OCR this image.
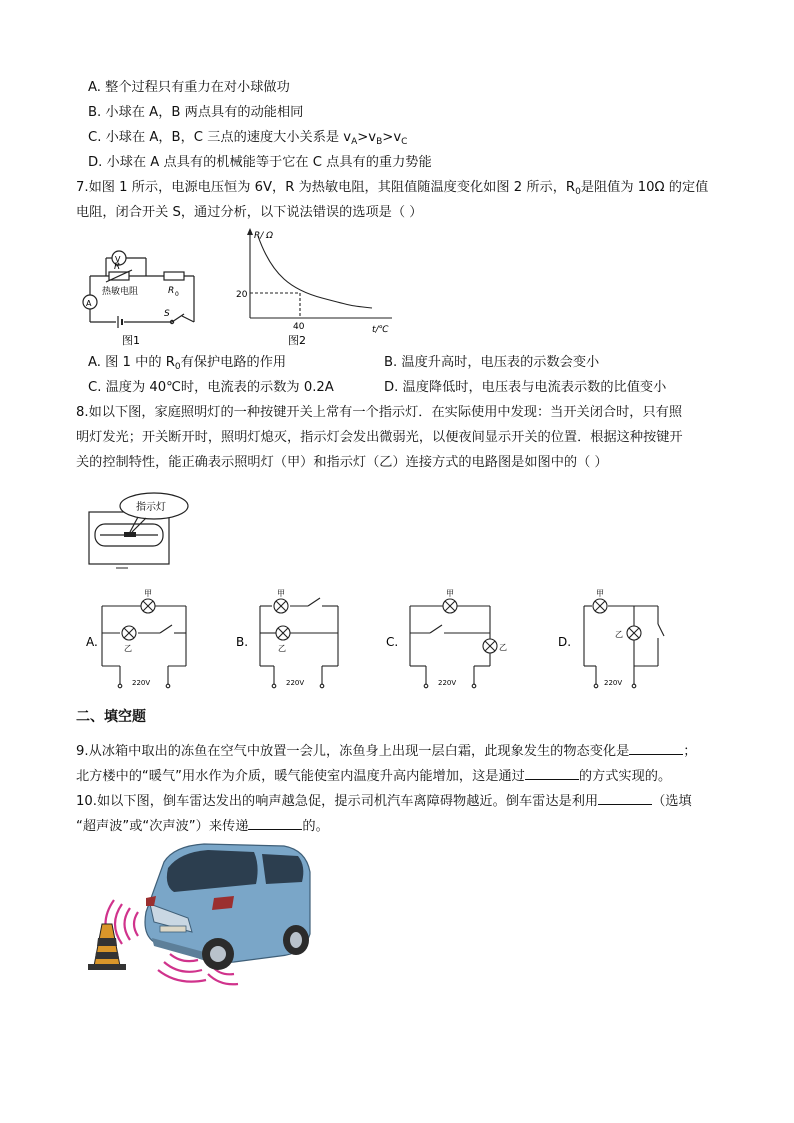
A. 整个过程只有重力在对小球做功
B. 小球在 A，B 两点具有的动能相同
C. 小球在 A，B，C 三点的速度大小关系是 $v_A>v_B>v_C$
D. 小球在 A 点具有的机械能等于它在 C 点具有的重力势能
7.如图 1 所示，电源电压恒为 6V，R 为热敏电阻，其阻值随温度变化如图 2 所示，$R_0$是阻值为 10Ω 的定值
电阻，闭合开关 S，通过分析，以下说法错误的选项是（ ）
V
A
R
热敏电阻	R 0
S
图1
R/ Ω
t/℃
20
40
图2
A. 图 1 中的 $R_0$有保护电路的作用	B. 温度升高时，电压表的示数会变小
C. 温度为 40℃时，电流表的示数为 0.2A	D. 温度降低时，电压表与电流表示数的比值变小
8.如以下图，家庭照明灯的一种按键开关上常有一个指示灯．在实际使用中发现：当开关闭合时，只有照
明灯发光；开关断开时，照明灯熄灭，指示灯会发出微弱光，以便夜间显示开关的位置．根据这种按键开
关的控制特性，能正确表示照明灯（甲）和指示灯（乙）连接方式的电路图是如图中的（ ）
指示灯
甲
乙
220V
A.
甲
乙
220V
B.
甲
乙
220V
C.
甲
乙
220V
D.
二、填空题
9.从冰箱中取出的冻鱼在空气中放置一会儿，冻鱼身上出现一层白霜，此现象发生的物态变化是	；
北方楼中的“暖气”用水作为介质，暖气能使室内温度升高内能增加，这是通过	的方式实现的。
10.如以下图，倒车雷达发出的响声越急促，提示司机汽车离障碍物越近。倒车雷达是利用	（选填
“超声波”或“次声波”）来传递	的。
